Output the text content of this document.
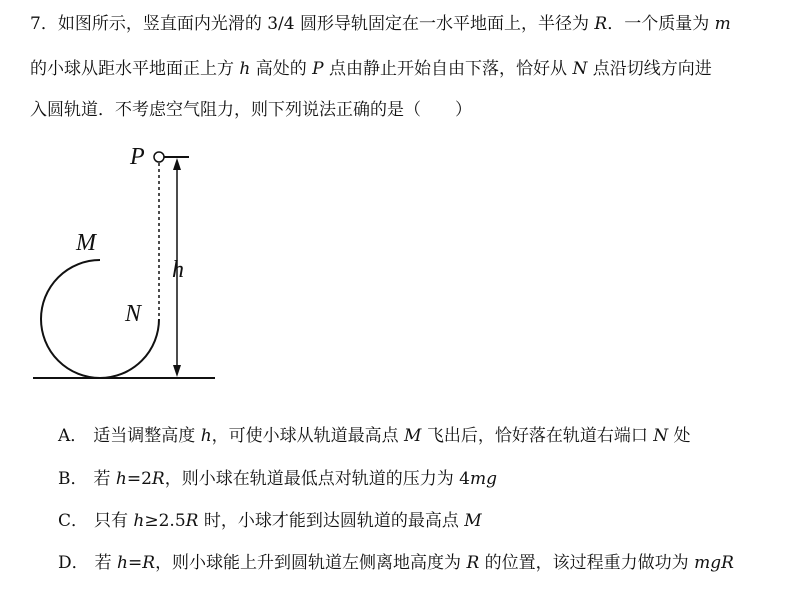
7．如图所示，竖直面内光滑的 3/4 圆形导轨固定在一水平地面上，半径为 R．一个质量为 m
的小球从距水平地面正上方 h 高处的 P 点由静止开始自由下落，恰好从 N 点沿切线方向进
入圆轨道．不考虑空气阻力，则下列说法正确的是（　　）
P
M
N
h
A． 适当调整高度 h，可使小球从轨道最高点 M 飞出后，恰好落在轨道右端口 N 处
B． 若 h=2R，则小球在轨道最低点对轨道的压力为 4mg
C． 只有 h≥2.5R 时，小球才能到达圆轨道的最高点 M
D． 若 h=R，则小球能上升到圆轨道左侧离地高度为 R 的位置，该过程重力做功为 mgR
